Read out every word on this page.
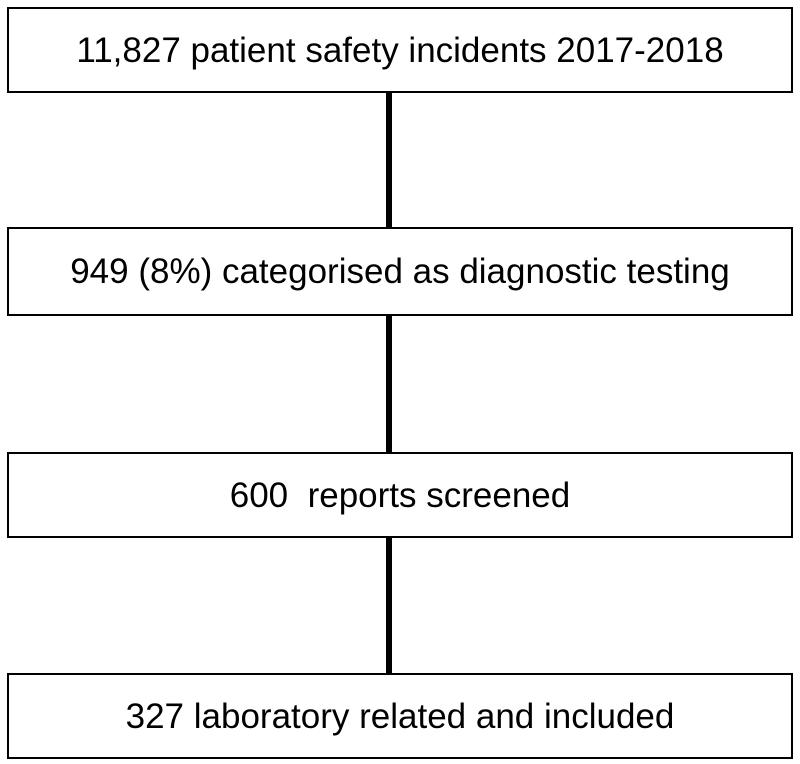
11,827 patient safety incidents 2017-2018
949 (8%) categorised as diagnostic testing
600  reports screened
327 laboratory related and included
